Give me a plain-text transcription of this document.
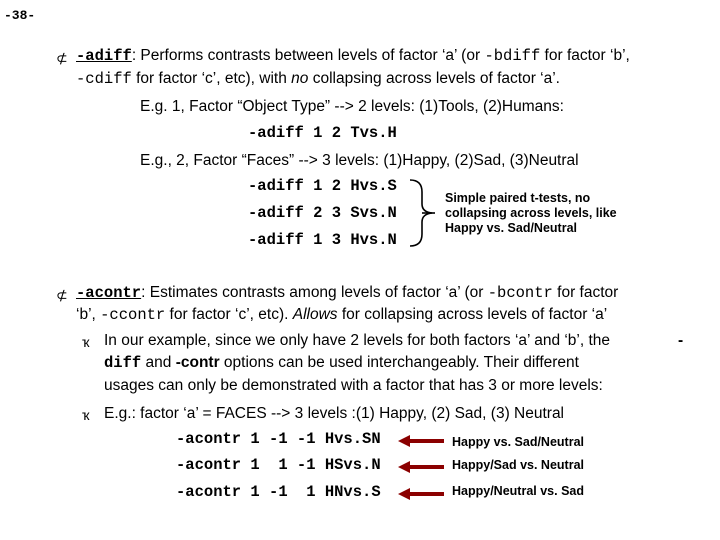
-38-
⊄ -adiff: Performs contrasts between levels of factor ‘a’ (or -bdiff for factor ‘b’,
-cdiff for factor ‘c’, etc), with no collapsing across levels of factor ‘a’.
E.g. 1, Factor “Object Type” --> 2 levels: (1)Tools, (2)Humans:
-adiff 1 2 Tvs.H
E.g., 2, Factor “Faces” --> 3 levels: (1)Happy, (2)Sad, (3)Neutral
-adiff 1 2 Hvs.S
-adiff 2 3 Svs.N
-adiff 1 3 Hvs.N
Simple paired t-tests, no collapsing across levels, like Happy vs. Sad/Neutral
⊄ -acontr: Estimates contrasts among levels of factor ‘a’ (or -bcontr for factor
‘b’, -ccontr for factor ‘c’, etc). Allows for collapsing across levels of factor ‘a’
ҡ In our example, since we only have 2 levels for both factors ‘a’ and ‘b’, the	-
diff and -contr options can be used interchangeably. Their different
usages can only be demonstrated with a factor that has 3 or more levels:
ҡ E.g.: factor ‘a’ = FACES --> 3 levels :(1) Happy, (2) Sad, (3) Neutral
-acontr 1 -1 -1 Hvs.SN
-acontr 1  1 -1 HSvs.N
-acontr 1 -1  1 HNvs.S
Happy vs. Sad/Neutral
Happy/Sad vs. Neutral
Happy/Neutral vs. Sad
